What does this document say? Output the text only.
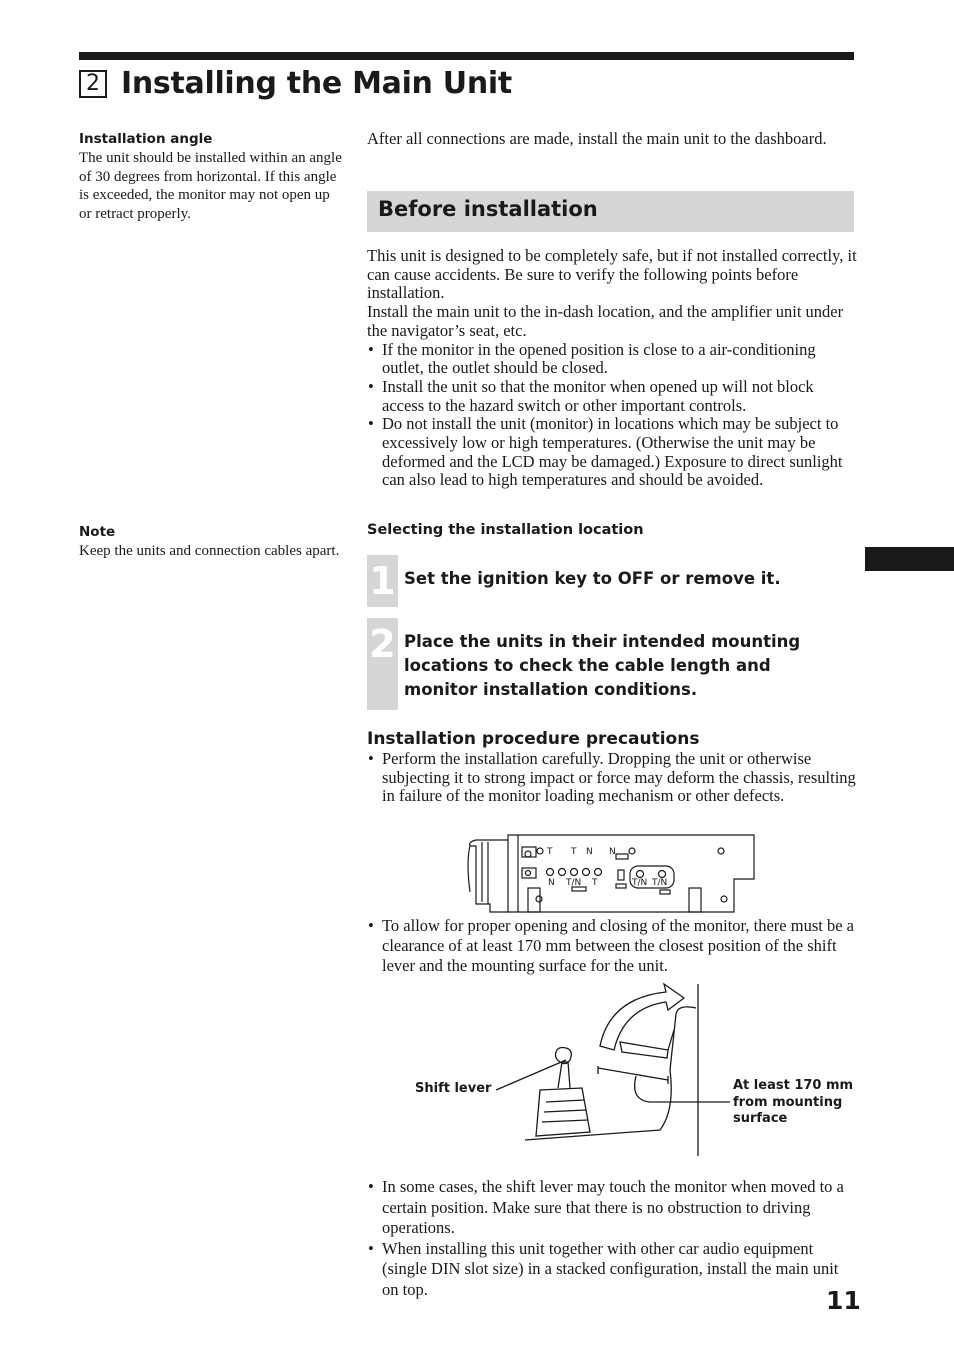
2 Installing the Main Unit
Installation angle
The unit should be installed within an angle of 30 degrees from horizontal. If this angle is exceeded, the monitor may not open up or retract properly.
Note
Keep the units and connection cables apart.
After all connections are made, install the main unit to the dashboard.
Before installation
This unit is designed to be completely safe, but if not installed correctly, it can cause accidents. Be sure to verify the following points before installation.
Install the main unit to the in-dash location, and the amplifier unit under the navigator’s seat, etc.
• If the monitor in the opened position is close to a air-conditioning outlet, the outlet should be closed.
• Install the unit so that the monitor when opened up will not block access to the hazard switch or other important controls.
• Do not install the unit (monitor) in locations which may be subject to excessively low or high temperatures. (Otherwise the unit may be deformed and the LCD may be damaged.) Exposure to direct sunlight can also lead to high temperatures and should be avoided.
Selecting the installation location
1 Set the ignition key to OFF or remove it.
2 Place the units in their intended mounting locations to check the cable length and monitor installation conditions.
Installation procedure precautions
• Perform the installation carefully. Dropping the unit or otherwise subjecting it to strong impact or force may deform the chassis, resulting in failure of the monitor loading mechanism or other defects.
T T N N
N T/N T	T/N T/N
• To allow for proper opening and closing of the monitor, there must be a clearance of at least 170 mm between the closest position of the shift lever and the mounting surface for the unit.
Shift lever	At least 170 mm
from mounting
surface
• In some cases, the shift lever may touch the monitor when moved to a certain position. Make sure that there is no obstruction to driving operations.
• When installing this unit together with other car audio equipment (single DIN slot size) in a stacked configuration, install the main unit on top.	11
